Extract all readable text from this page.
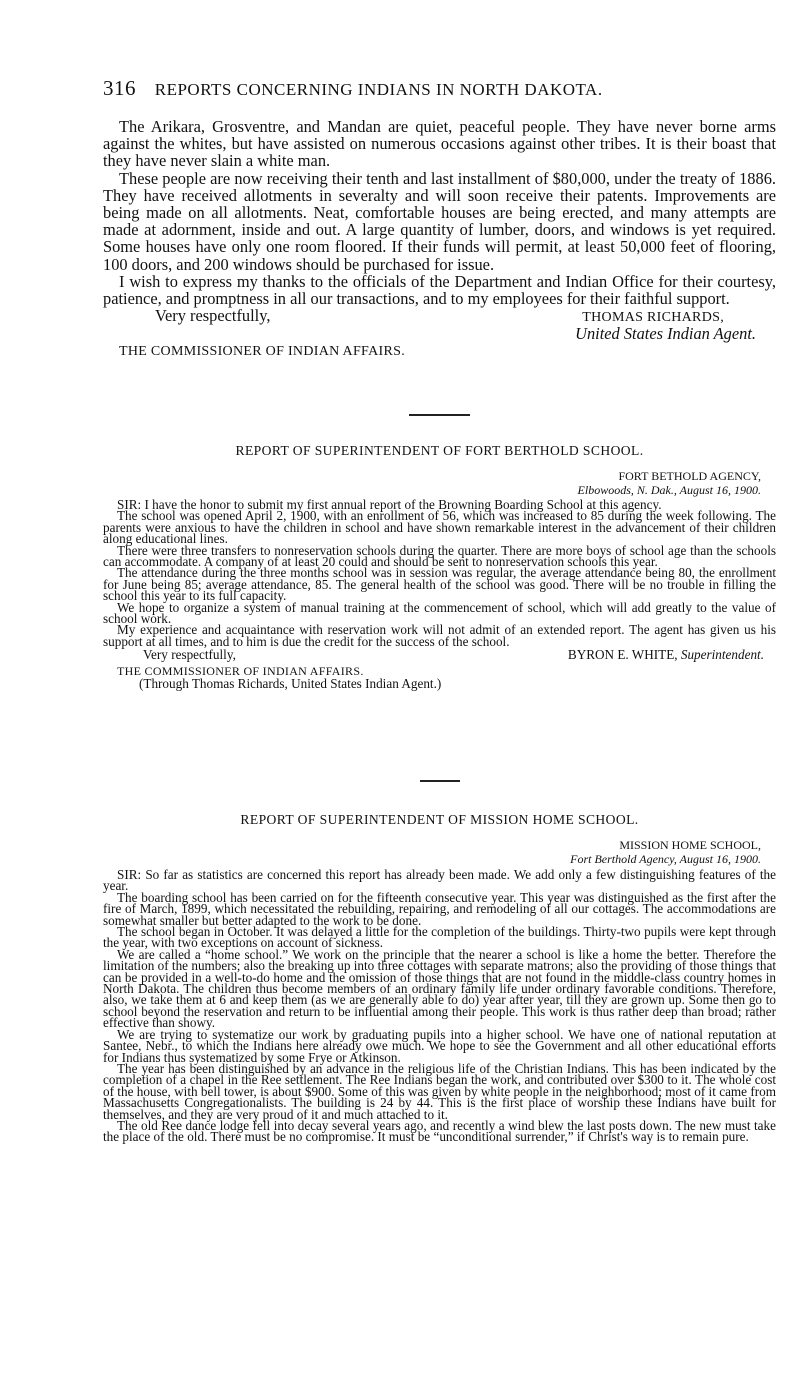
316 REPORTS CONCERNING INDIANS IN NORTH DAKOTA.

The Arikara, Grosventre, and Mandan are quiet, peaceful people. They have never borne arms against the whites, but have assisted on numerous occasions against other tribes. It is their boast that they have never slain a white man.

These people are now receiving their tenth and last installment of $80,000, under the treaty of 1886. They have received allotments in severalty and will soon receive their patents. Improvements are being made on all allotments. Neat, comfortable houses are being erected, and many attempts are made at adornment, inside and out. A large quantity of lumber, doors, and windows is yet required. Some houses have only one room floored. If their funds will permit, at least 50,000 feet of flooring, 100 doors, and 200 windows should be purchased for issue.

I wish to express my thanks to the officials of the Department and Indian Office for their courtesy, patience, and promptness in all our transactions, and to my employees for their faithful support.

Very respectfully,	THOMAS RICHARDS,
United States Indian Agent.
THE COMMISSIONER OF INDIAN AFFAIRS.
REPORT OF SUPERINTENDENT OF FORT BERTHOLD SCHOOL.
FORT BETHOLD AGENCY,
Elbowoods, N. Dak., August 16, 1900.

SIR: I have the honor to submit my first annual report of the Browning Boarding School at this agency.

The school was opened April 2, 1900, with an enrollment of 56, which was increased to 85 during the week following. The parents were anxious to have the children in school and have shown remarkable interest in the advancement of their children along educational lines.

There were three transfers to nonreservation schools during the quarter. There are more boys of school age than the schools can accommodate. A company of at least 20 could and should be sent to nonreservation schools this year.

The attendance during the three months school was in session was regular, the average attendance being 80, the enrollment for June being 85; average attendance, 85. The general health of the school was good. There will be no trouble in filling the school this year to its full capacity.

We hope to organize a system of manual training at the commencement of school, which will add greatly to the value of school work.

My experience and acquaintance with reservation work will not admit of an extended report. The agent has given us his support at all times, and to him is due the credit for the success of the school.

Very respectfully,	BYRON E. WHITE, Superintendent.
THE COMMISSIONER OF INDIAN AFFAIRS.
(Through Thomas Richards, United States Indian Agent.)
REPORT OF SUPERINTENDENT OF MISSION HOME SCHOOL.
MISSION HOME SCHOOL,
Fort Berthold Agency, August 16, 1900.

SIR: So far as statistics are concerned this report has already been made. We add only a few distinguishing features of the year.

The boarding school has been carried on for the fifteenth consecutive year. This year was distinguished as the first after the fire of March, 1899, which necessitated the rebuilding, repairing, and remodeling of all our cottages. The accommodations are somewhat smaller but better adapted to the work to be done.

The school began in October. It was delayed a little for the completion of the buildings. Thirty-two pupils were kept through the year, with two exceptions on account of sickness.

We are called a “home school.” We work on the principle that the nearer a school is like a home the better. Therefore the limitation of the numbers; also the breaking up into three cottages with separate matrons; also the providing of those things that can be provided in a well-to-do home and the omission of those things that are not found in the middle-class country homes in North Dakota. The children thus become members of an ordinary family life under ordinary favorable conditions. Therefore, also, we take them at 6 and keep them (as we are generally able to do) year after year, till they are grown up. Some then go to school beyond the reservation and return to be influential among their people. This work is thus rather deep than broad; rather effective than showy.

We are trying to systematize our work by graduating pupils into a higher school. We have one of national reputation at Santee, Nebr., to which the Indians here already owe much. We hope to see the Government and all other educational efforts for Indians thus systematized by some Frye or Atkinson.

The year has been distinguished by an advance in the religious life of the Christian Indians. This has been indicated by the completion of a chapel in the Ree settlement. The Ree Indians began the work, and contributed over $300 to it. The whole cost of the house, with bell tower, is about $900. Some of this was given by white people in the neighborhood; most of it came from Massachusetts Congregationalists. The building is 24 by 44. This is the first place of worship these Indians have built for themselves, and they are very proud of it and much attached to it.

The old Ree dance lodge fell into decay several years ago, and recently a wind blew the last posts down. The new must take the place of the old. There must be no compromise. It must be “unconditional surrender,” if Christ's way is to remain pure.
